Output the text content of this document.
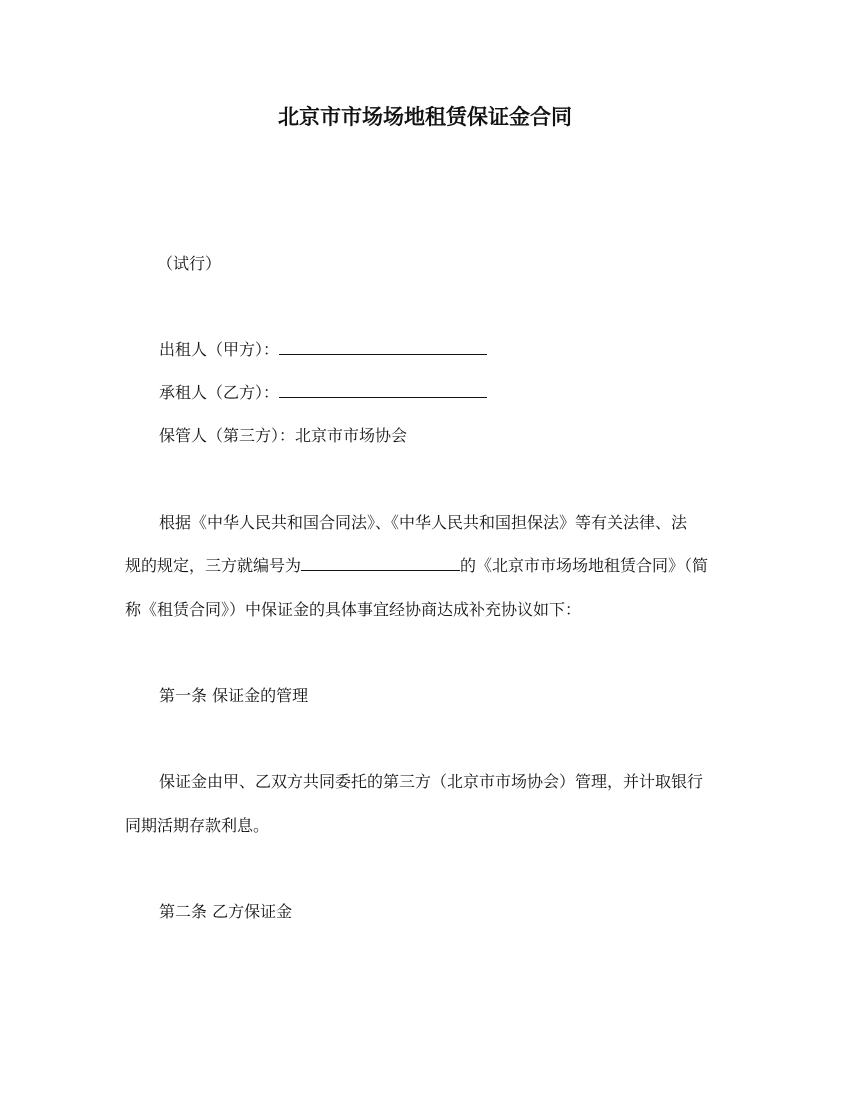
北京市市场场地租赁保证金合同
（试行）
出租人（甲方）：
承租人（乙方）：
保管人（第三方）：北京市市场协会
根据《中华人民共和国合同法》、《中华人民共和国担保法》等有关法律、法
规的规定，三方就编号为	的《北京市市场场地租赁合同》（简
称《租赁合同》）中保证金的具体事宜经协商达成补充协议如下：
第一条 保证金的管理
保证金由甲、乙双方共同委托的第三方（北京市市场协会）管理，并计取银行
同期活期存款利息。
第二条 乙方保证金
